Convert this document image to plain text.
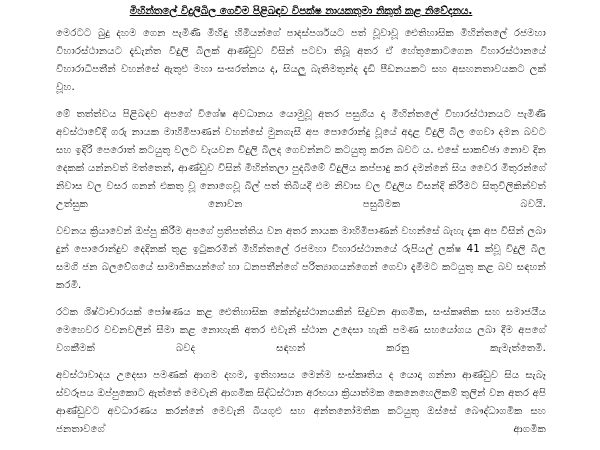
මිහින්තලේ විදුලිබිල ගෙවීම පිළිබඳව විපක්ෂ නායකතුමා නිකුත් කළ නිවේදනය.

මෙරටට බුදු දහම ගෙන පැමිණි මිහිඳු හිමියන්ගේ පාදස්පර්ශයට පත් වූවාවූ ඓතිහාසික මිහින්තලේ රජමහා විහාරස්ථානයට දැඩැන්ත විදුලි බිලක් ආණ්ඩුව විසින් පටවා තිබූ අතර ඒ හේතුකොටගෙන විහාරස්ථානයේ විහාරාධිපතීන් වහන්සේ ඇතුළු මහා සංඝරත්නය ද, සියලු බැතිමතුන්ද දැඩි පීඩනයකට සහ අසහනතාවයකට ලක් වූහ.

මේ තත්ත්වය පිළිබඳව අපගේ විශේෂ අවධානය යොමුවූ අතර පසුගිය දා මිහින්තලේ විහාරස්ථානයට පැමිණි අවස්ථාවේදී ගරු නායක මාහිමිපාණන් වහන්සේ මුනගැසී අප පොරොන්දු වූයේ අදාළ විදුලි බිල ගෙවා දමන බවට සහ ඉදිරි පෙරොත් කටයුතු වලට වැයවන විදුලි බිලද ගෙවන්නට කටයුතු කරන බවට ය. එසේ සාකච්ඡා නොව දින දෙකක් යන්නවත් මත්තෙන්, ආණ්ඩුව විසින් මිහින්තලා පුදබිමේ විදුලිය කප්පාදු කර දමන්නේ සිය වෛර මිතුරන්ගේ නිවාස වල වසර ගනන් එකතු වූ නොගෙවූ බිල් පත් තිබියදී එම නිවාස වල විදුලිය විසන්දි කිරීමට සිතුවිලිකින්වත් උත්සුක නොවන පසුබිමක බවයි.

වචනය ක්‍රියාවෙන් ඔප්පු කිරීම අපගේ ප්‍රතිපත්තිය වන අතර නායක මාහිමිපාණන් වහන්සේ බැහැ දැක අප විසින් ලබා දුන් පොරොන්දුව දෙදිනක් තුළ ඉටුකරමින් මිහින්තලේ රජමහා විහාරස්ථානයේ රුපියල් ලක්ෂ 41 ක්වූ විදුලි බිල සමගි ජන බලවේගයේ සාමාජිකයන්ගේ හා ධනපතීන්ගේ පරිත්‍යාගයන්ගෙන් ගෙවා දැමීමට කටයුතු කළ බව සඳහන් කරමි.

රටක ශිෂ්ටාචාරයක් පෝෂණය කළ ඓතිහාසික කේන්ද්‍රස්ථානයකින් සිදුවන ආගමික, සංස්කෘතික සහ සමාජයීය මෙහෙවර වචනවලින් සීමා කළ නොහැකි අතර එවැනි ස්ථාන උදෙසා හැකි පමණ සහයෝගය ලබා දීම අපගේ වගකීමක් බවද සඳහන් කරනු කැමැත්තෙමි.

අවස්ථාවාදය උදෙසා පමණක් ආගම දහම, ඉතිහාසය මෙන්ම සංස්කෘතිය ද යොදා ගන්නා ආණ්ඩුව සිය සැබෑ ස්වරූපය ඔප්පුකොට ඇත්තේ මෙවැනි ආගමික සිද්ධස්ථාන අරභයා ක්‍රියාත්මක කෙනෙහෙලිකම් තුලින් වන අතර අපි ආණ්ඩුවට අවධාරණය කරන්නේ මෙවැනි බියගුළු සහ අන්තනෝමතික කටයුතු ඔස්සේ බෞද්ධාගමික සහ ජනතාවගේ ආගමික
